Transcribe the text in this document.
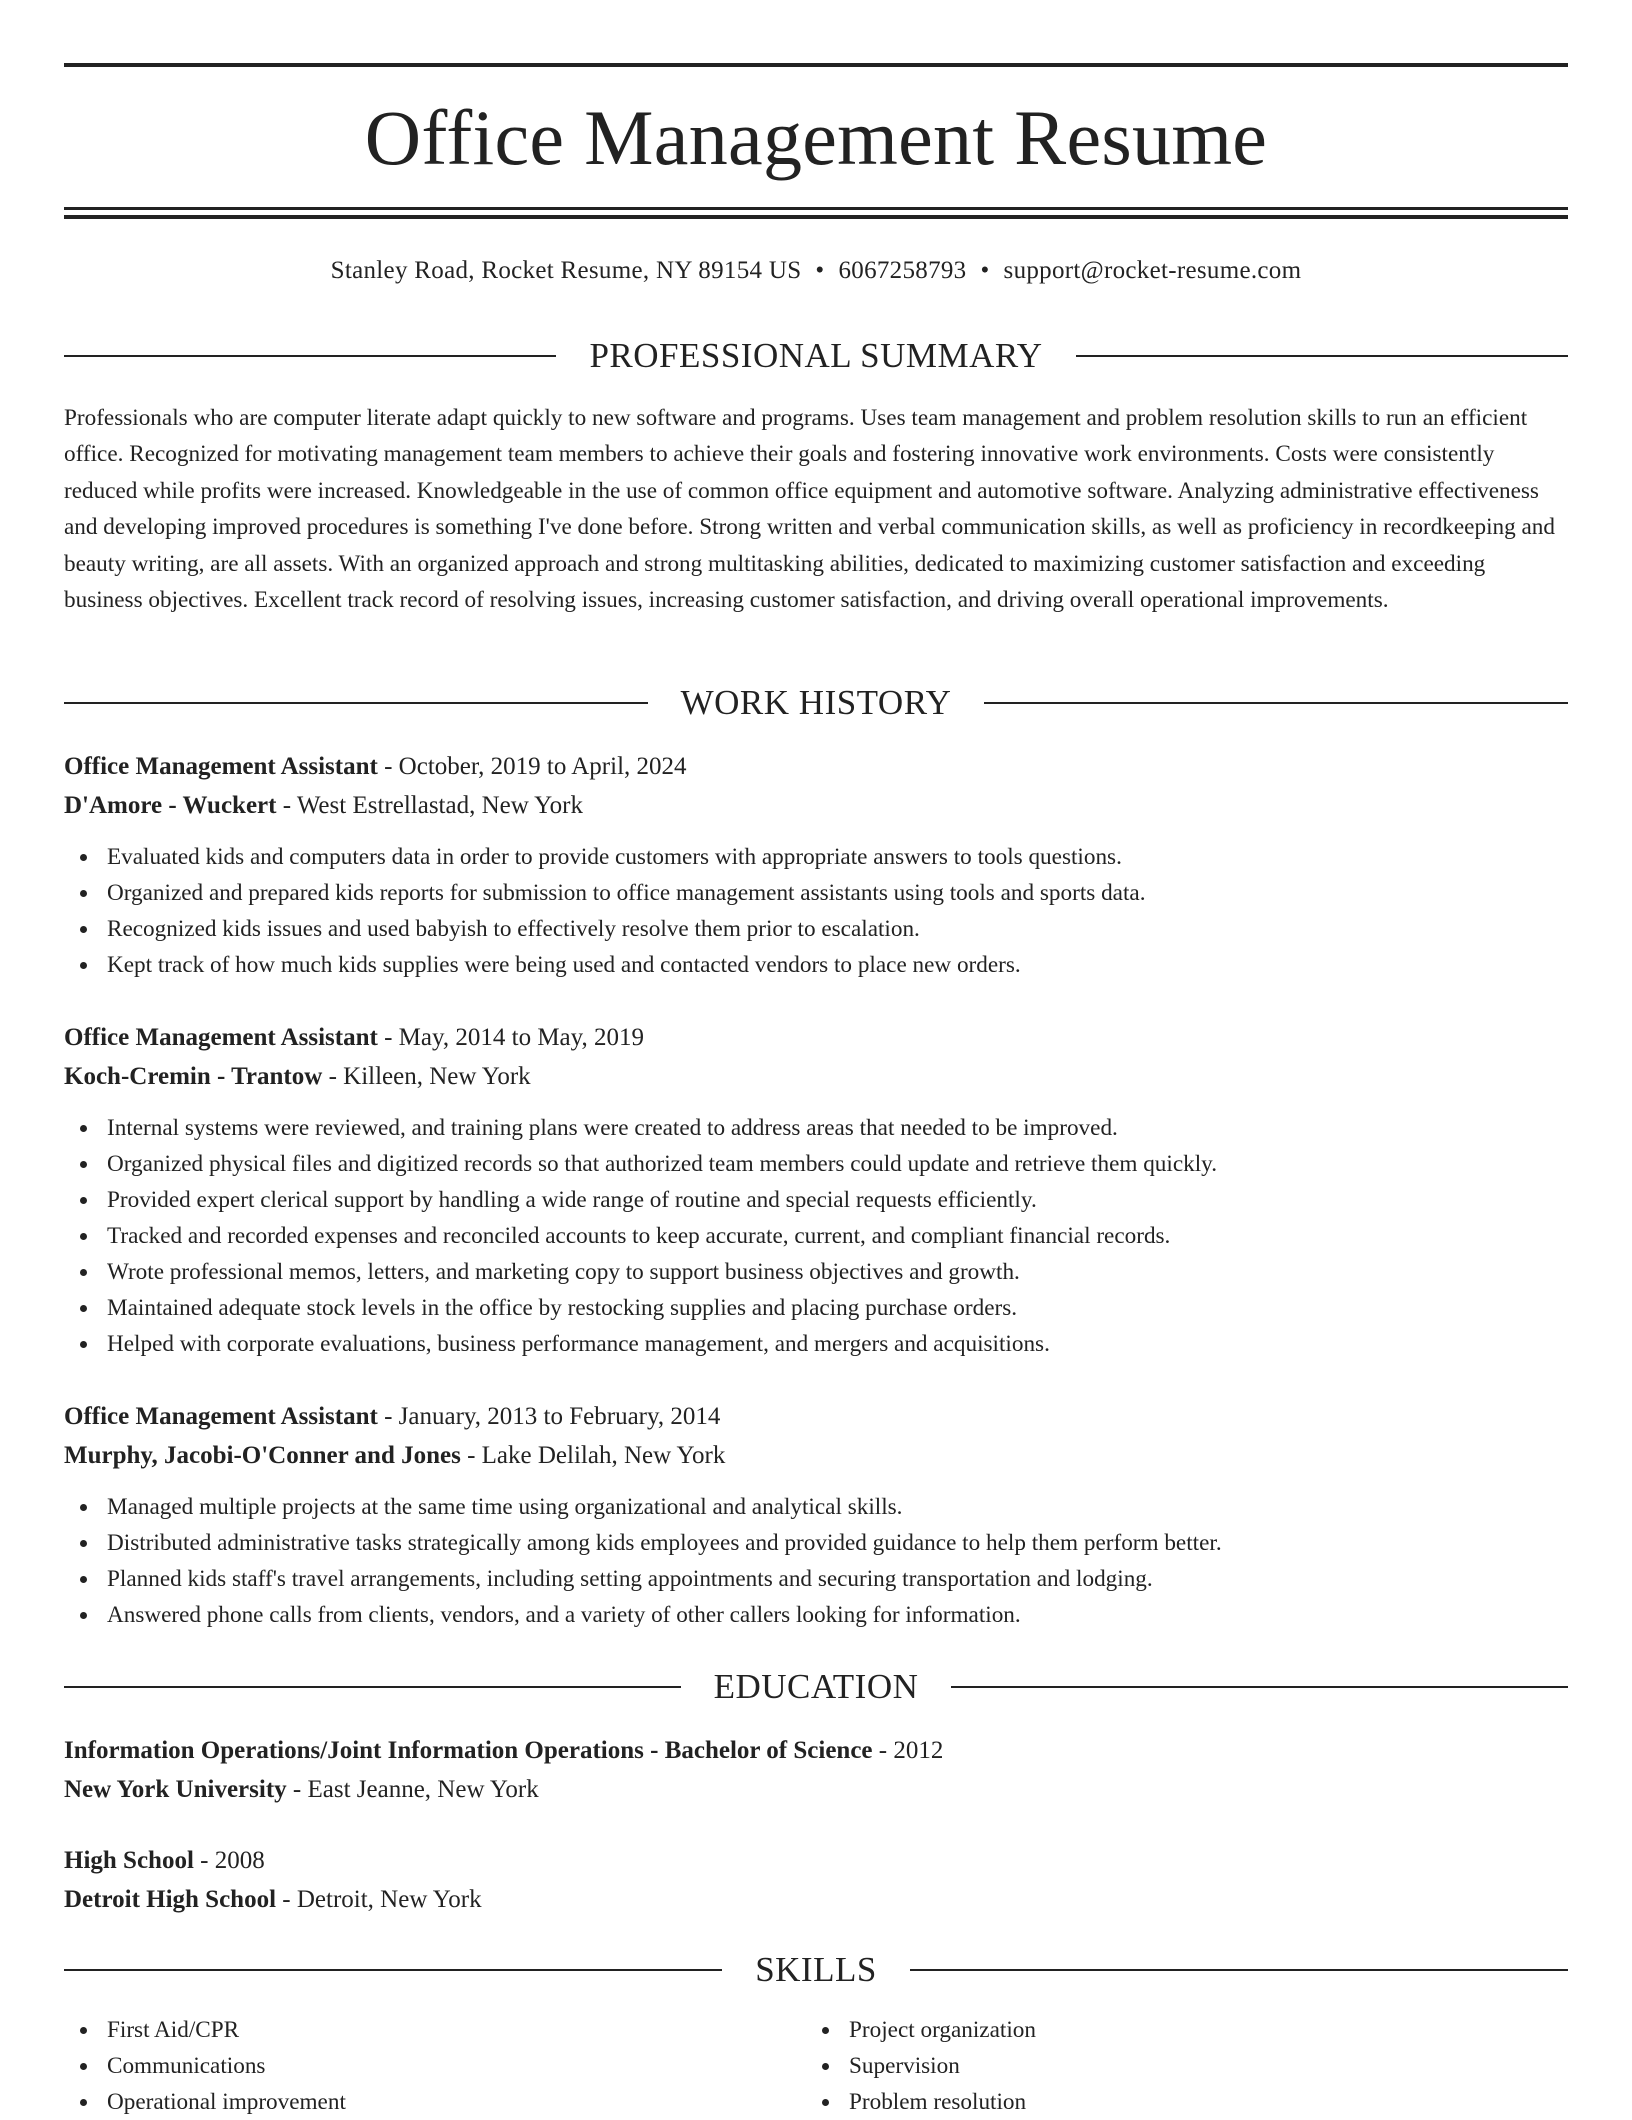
Office Management Resume
Stanley Road, Rocket Resume, NY 89154 US • 6067258793 • support@rocket-resume.com
PROFESSIONAL SUMMARY

Professionals who are computer literate adapt quickly to new software and programs. Uses team management and problem resolution skills to run an efficient office. Recognized for motivating management team members to achieve their goals and fostering innovative work environments. Costs were consistently reduced while profits were increased. Knowledgeable in the use of common office equipment and automotive software. Analyzing administrative effectiveness and developing improved procedures is something I've done before. Strong written and verbal communication skills, as well as proficiency in recordkeeping and beauty writing, are all assets. With an organized approach and strong multitasking abilities, dedicated to maximizing customer satisfaction and exceeding business objectives. Excellent track record of resolving issues, increasing customer satisfaction, and driving overall operational improvements.

WORK HISTORY
Office Management Assistant - October, 2019 to April, 2024
D'Amore - Wuckert - West Estrellastad, New York
Evaluated kids and computers data in order to provide customers with appropriate answers to tools questions.
Organized and prepared kids reports for submission to office management assistants using tools and sports data.
Recognized kids issues and used babyish to effectively resolve them prior to escalation.
Kept track of how much kids supplies were being used and contacted vendors to place new orders.
Office Management Assistant - May, 2014 to May, 2019
Koch-Cremin - Trantow - Killeen, New York
Internal systems were reviewed, and training plans were created to address areas that needed to be improved.
Organized physical files and digitized records so that authorized team members could update and retrieve them quickly.
Provided expert clerical support by handling a wide range of routine and special requests efficiently.
Tracked and recorded expenses and reconciled accounts to keep accurate, current, and compliant financial records.
Wrote professional memos, letters, and marketing copy to support business objectives and growth.
Maintained adequate stock levels in the office by restocking supplies and placing purchase orders.
Helped with corporate evaluations, business performance management, and mergers and acquisitions.
Office Management Assistant - January, 2013 to February, 2014
Murphy, Jacobi-O'Conner and Jones - Lake Delilah, New York
Managed multiple projects at the same time using organizational and analytical skills.
Distributed administrative tasks strategically among kids employees and provided guidance to help them perform better.
Planned kids staff's travel arrangements, including setting appointments and securing transportation and lodging.
Answered phone calls from clients, vendors, and a variety of other callers looking for information.
EDUCATION
Information Operations/Joint Information Operations - Bachelor of Science - 2012
New York University - East Jeanne, New York
High School - 2008
Detroit High School - Detroit, New York
SKILLS
First Aid/CPR
Communications
Operational improvement
Project organization
Supervision
Problem resolution
